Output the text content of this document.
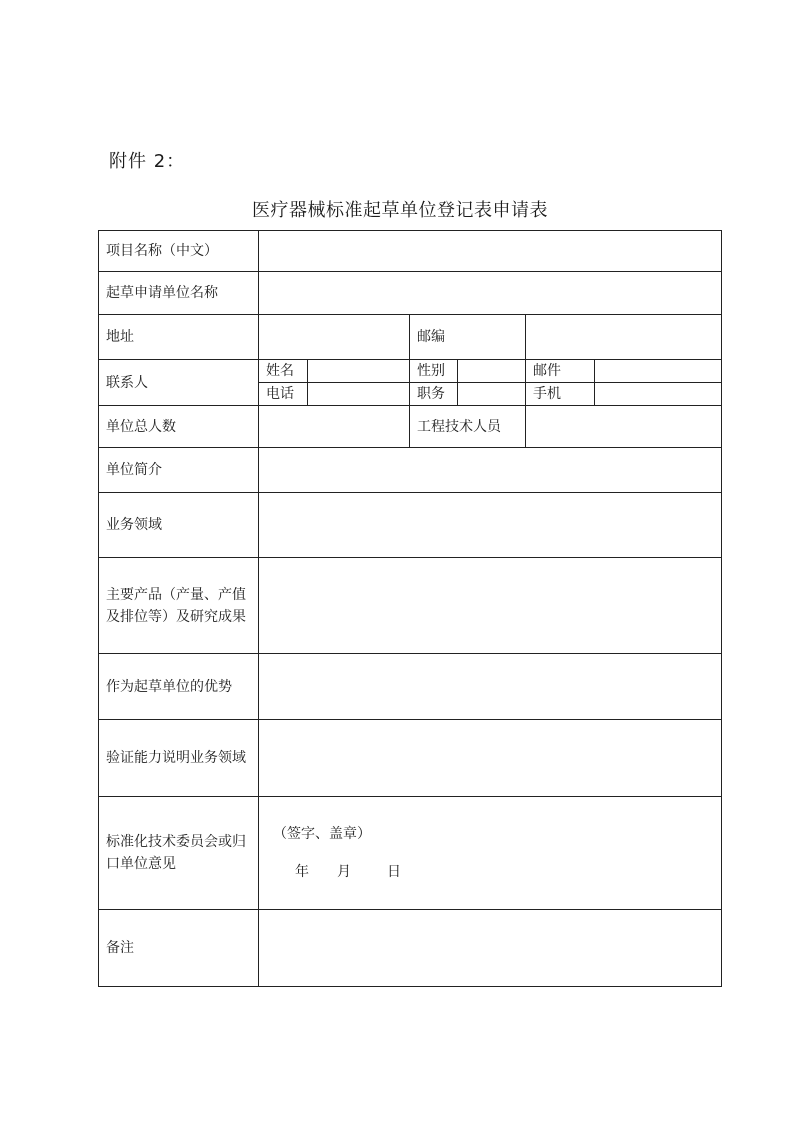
附件 2：
医疗器械标准起草单位登记表申请表
项目名称（中文）						
起草申请单位名称						
地址			邮编			
联系人	姓名		性别		邮件	
	电话		职务		手机	
单位总人数			工程技术人员			
单位简介						
业务领域						
主要产品（产量、产值及排位等）及研究成果						
作为起草单位的优势						
验证能力说明业务领域						
标准化技术委员会或归口单位意见	（签字、盖章）
年 月 日					

备注						
